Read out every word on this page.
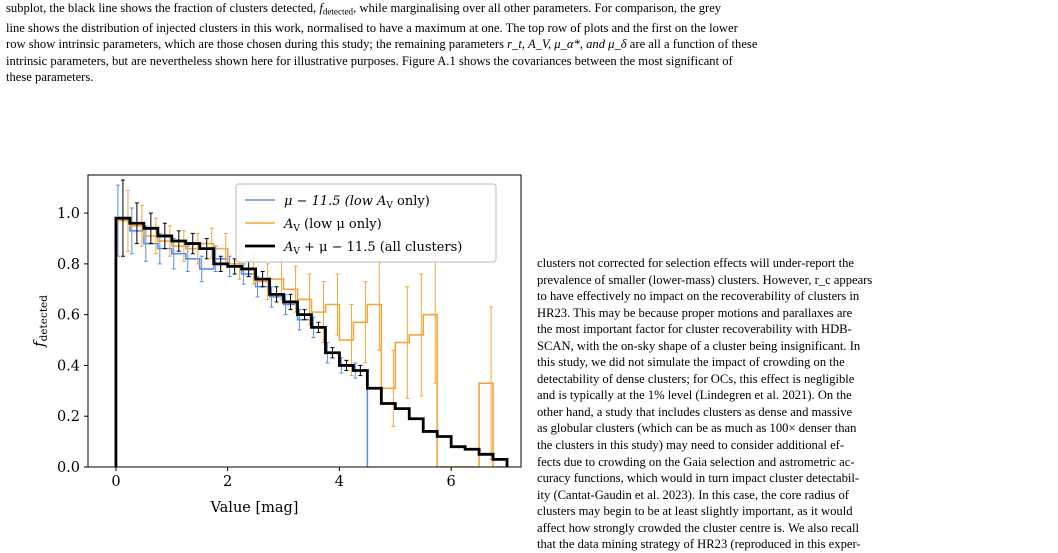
subplot, the black line shows the fraction of clusters detected, $f_{detected}$, while marginalising over all other parameters. For comparison, the grey

line shows the distribution of injected clusters in this work, normalised to have a maximum at one. The top row of plots and the first on the lower

row show intrinsic parameters, which are those chosen during this study; the remaining parameters r_t, A_V, μ_α*, and μ_δ are all a function of these

intrinsic parameters, but are nevertheless shown here for illustrative purposes. Figure A.1 shows the covariances between the most significant of

these parameters.

0	2	4	6
0.0
0.2
0.4
0.6
0.8
1.0
Value [mag]
$f_{detected}$
μ − 11.5 (low $A_V$ only)
$A_V$ (low μ only)
$A_V + \mu - 11.5$ (all clusters)

clusters not corrected for selection effects will under-report the

prevalence of smaller (lower-mass) clusters. However, r_c appears

to have effectively no impact on the recoverability of clusters in

HR23. This may be because proper motions and parallaxes are

the most important factor for cluster recoverability with HDB-

SCAN, with the on-sky shape of a cluster being insignificant. In

this study, we did not simulate the impact of crowding on the

detectability of dense clusters; for OCs, this effect is negligible

and is typically at the 1% level (Lindegren et al. 2021). On the

other hand, a study that includes clusters as dense and massive

as globular clusters (which can be as much as 100× denser than

the clusters in this study) may need to consider additional ef-

fects due to crowding on the Gaia selection and astrometric ac-

curacy functions, which would in turn impact cluster detectabil-

ity (Cantat-Gaudin et al. 2023). In this case, the core radius of

clusters may begin to be at least slightly important, as it would

affect how strongly crowded the cluster centre is. We also recall

that the data mining strategy of HR23 (reproduced in this exper-
